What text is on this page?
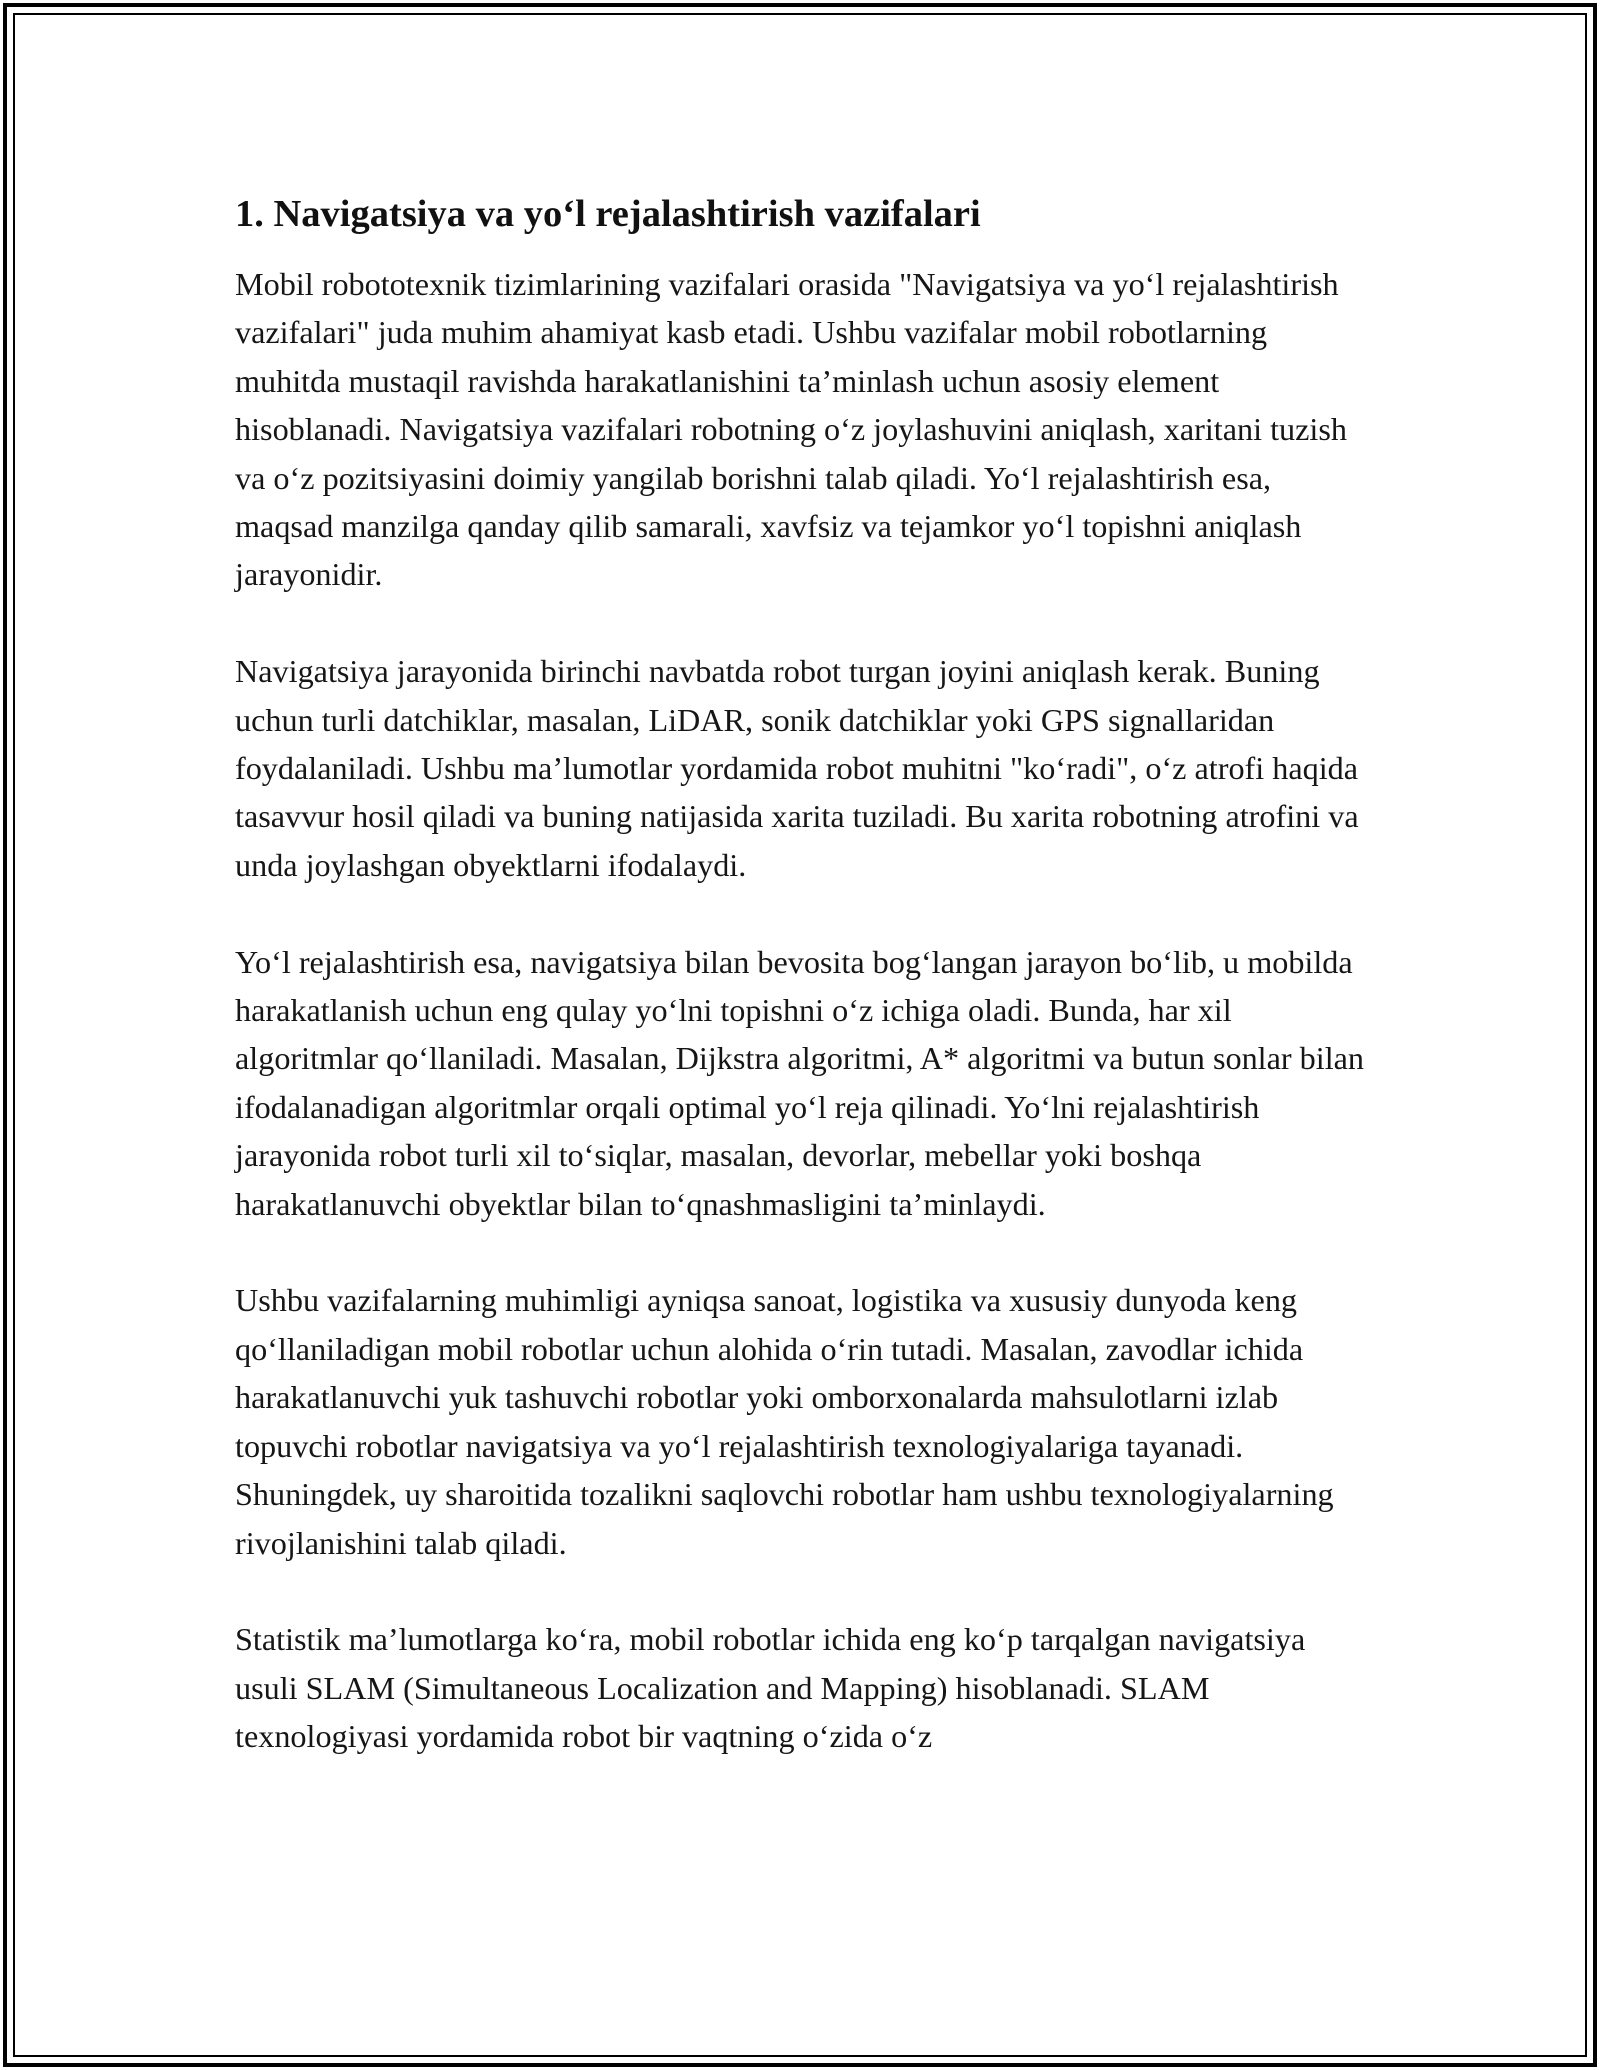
1. Navigatsiya va yo‘l rejalashtirish vazifalari

Mobil robototexnik tizimlarining vazifalari orasida "Navigatsiya va yo‘l rejalashtirish vazifalari" juda muhim ahamiyat kasb etadi. Ushbu vazifalar mobil robotlarning muhitda mustaqil ravishda harakatlanishini ta’minlash uchun asosiy element hisoblanadi. Navigatsiya vazifalari robotning o‘z joylashuvini aniqlash, xaritani tuzish va o‘z pozitsiyasini doimiy yangilab borishni talab qiladi. Yo‘l rejalashtirish esa, maqsad manzilga qanday qilib samarali, xavfsiz va tejamkor yo‘l topishni aniqlash jarayonidir.

Navigatsiya jarayonida birinchi navbatda robot turgan joyini aniqlash kerak. Buning uchun turli datchiklar, masalan, LiDAR, sonik datchiklar yoki GPS signallaridan foydalaniladi. Ushbu ma’lumotlar yordamida robot muhitni "ko‘radi", o‘z atrofi haqida tasavvur hosil qiladi va buning natijasida xarita tuziladi. Bu xarita robotning atrofini va unda joylashgan obyektlarni ifodalaydi.

Yo‘l rejalashtirish esa, navigatsiya bilan bevosita bog‘langan jarayon bo‘lib, u mobilda harakatlanish uchun eng qulay yo‘lni topishni o‘z ichiga oladi. Bunda, har xil algoritmlar qo‘llaniladi. Masalan, Dijkstra algoritmi, A* algoritmi va butun sonlar bilan ifodalanadigan algoritmlar orqali optimal yo‘l reja qilinadi. Yo‘lni rejalashtirish jarayonida robot turli xil to‘siqlar, masalan, devorlar, mebellar yoki boshqa harakatlanuvchi obyektlar bilan to‘qnashmasligini ta’minlaydi.

Ushbu vazifalarning muhimligi ayniqsa sanoat, logistika va xususiy dunyoda keng qo‘llaniladigan mobil robotlar uchun alohida o‘rin tutadi. Masalan, zavodlar ichida harakatlanuvchi yuk tashuvchi robotlar yoki omborxonalarda mahsulotlarni izlab topuvchi robotlar navigatsiya va yo‘l rejalashtirish texnologiyalariga tayanadi. Shuningdek, uy sharoitida tozalikni saqlovchi robotlar ham ushbu texnologiyalarning rivojlanishini talab qiladi.

Statistik ma’lumotlarga ko‘ra, mobil robotlar ichida eng ko‘p tarqalgan navigatsiya usuli SLAM (Simultaneous Localization and Mapping) hisoblanadi. SLAM texnologiyasi yordamida robot bir vaqtning o‘zida o‘z
